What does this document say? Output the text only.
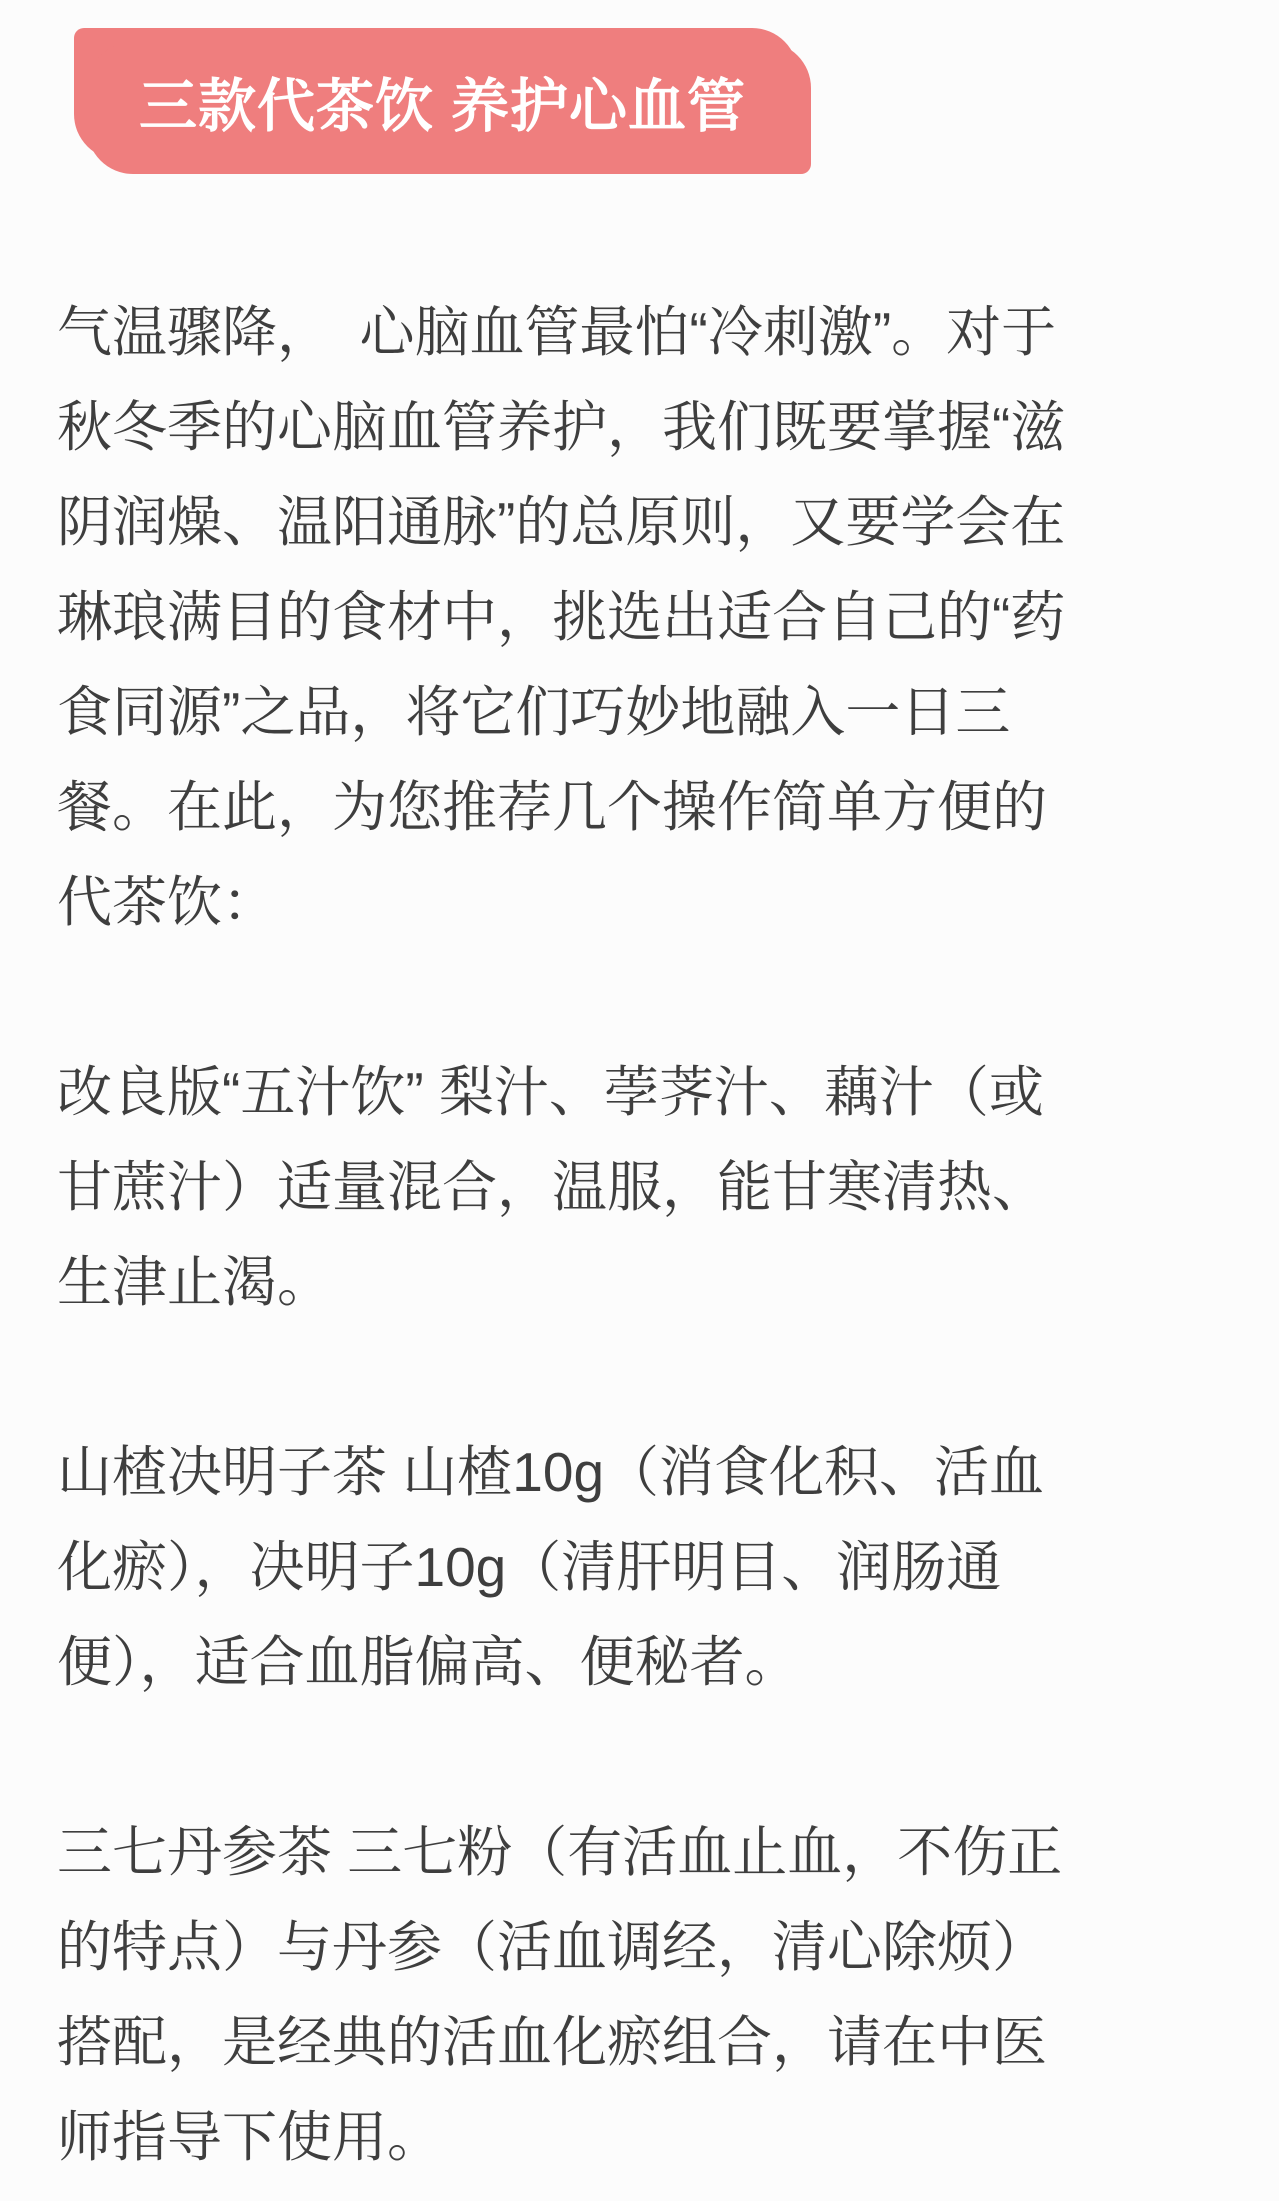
三款代茶饮 养护心血管
气温骤降，　心脑血管最怕“冷刺激”。对于
秋冬季的心脑血管养护，我们既要掌握“滋
阴润燥、温阳通脉”的总原则，又要学会在
琳琅满目的食材中，挑选出适合自己的“药
食同源”之品，将它们巧妙地融入一日三
餐。在此，为您推荐几个操作简单方便的
代茶饮：
改良版“五汁饮” 梨汁、荸荠汁、藕汁（或
甘蔗汁）适量混合，温服，能甘寒清热、
生津止渴。
山楂决明子茶 山楂10g（消食化积、活血
化瘀），决明子10g（清肝明目、润肠通
便），适合血脂偏高、便秘者。
三七丹参茶 三七粉（有活血止血，不伤正
的特点）与丹参（活血调经，清心除烦）
搭配，是经典的活血化瘀组合，请在中医
师指导下使用。
